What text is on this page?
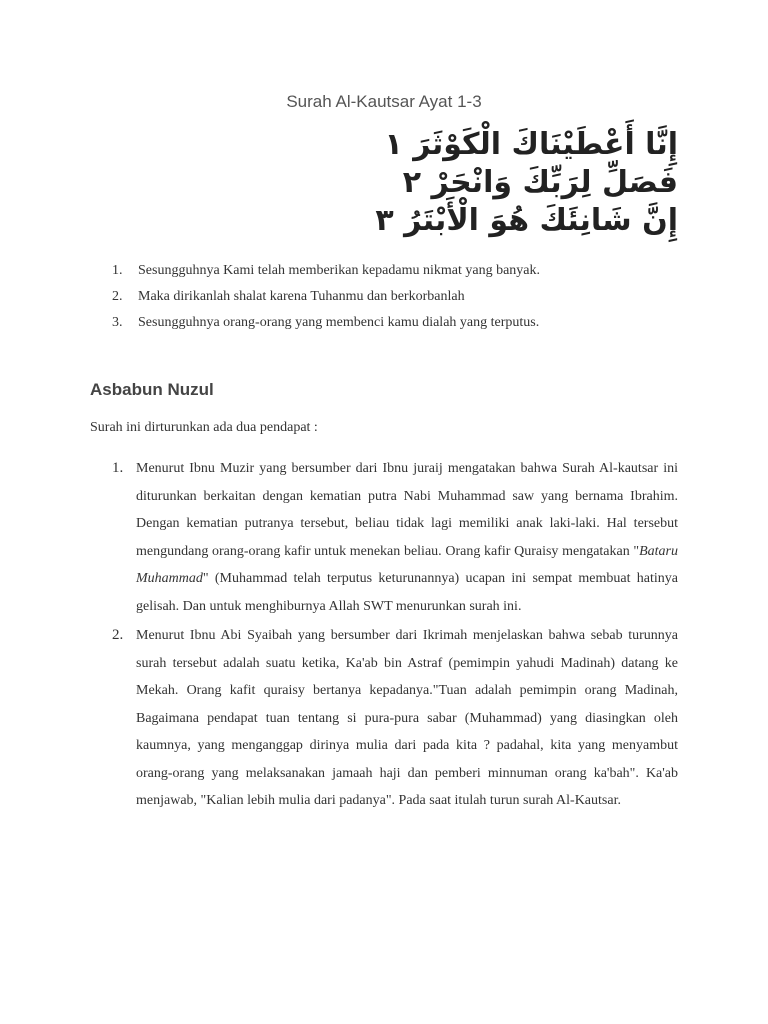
Surah Al-Kautsar Ayat 1-3
إِنَّا أَعْطَيْنَاكَ الْكَوْثَرَ ١
فَصَلِّ لِرَبِّكَ وَانْحَرْ ٢
إِنَّ شَانِئَكَ هُوَ الْأَبْتَرُ ٣
1.	Sesungguhnya Kami telah memberikan kepadamu nikmat yang banyak.
2.	Maka dirikanlah shalat karena Tuhanmu dan berkorbanlah
3.	Sesungguhnya orang-orang yang membenci kamu dialah yang terputus.
Asbabun Nuzul
Surah ini dirturunkan ada dua pendapat :
1. Menurut Ibnu Muzir yang bersumber dari Ibnu juraij mengatakan bahwa Surah Al-kautsar ini diturunkan berkaitan dengan kematian putra Nabi Muhammad saw yang bernama Ibrahim. Dengan kematian putranya tersebut, beliau tidak lagi memiliki anak laki-laki. Hal tersebut mengundang orang-orang kafir untuk menekan beliau. Orang kafir Quraisy mengatakan "Bataru Muhammad" (Muhammad telah terputus keturunannya) ucapan ini sempat membuat hatinya gelisah. Dan untuk menghiburnya Allah SWT menurunkan surah ini.
2. Menurut Ibnu Abi Syaibah yang bersumber dari Ikrimah menjelaskan bahwa sebab turunnya surah tersebut adalah suatu ketika, Ka'ab bin Astraf (pemimpin yahudi Madinah) datang ke Mekah. Orang kafit quraisy bertanya kepadanya."Tuan adalah pemimpin orang Madinah, Bagaimana pendapat tuan tentang si pura-pura sabar (Muhammad) yang diasingkan oleh kaumnya, yang menganggap dirinya mulia dari pada kita ? padahal, kita yang menyambut orang-orang yang melaksanakan jamaah haji dan pemberi minnuman orang ka'bah". Ka'ab menjawab, "Kalian lebih mulia dari padanya". Pada saat itulah turun surah Al-Kautsar.
